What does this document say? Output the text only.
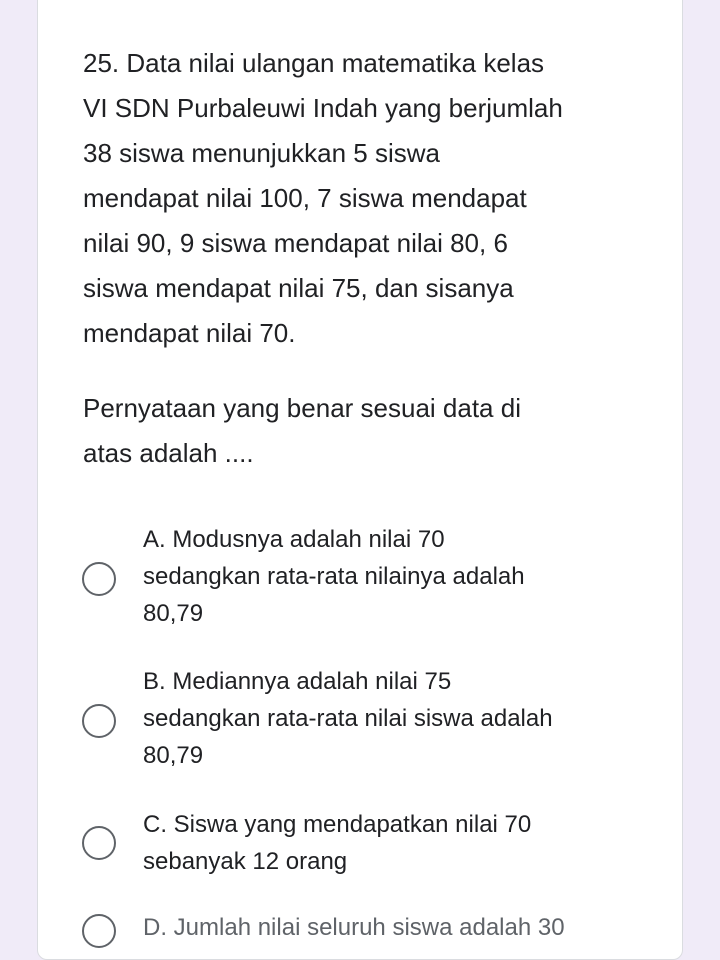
25. Data nilai ulangan matematika kelas
VI SDN Purbaleuwi Indah yang berjumlah
38 siswa menunjukkan 5 siswa
mendapat nilai 100, 7 siswa mendapat
nilai 90, 9 siswa mendapat nilai 80, 6
siswa mendapat nilai 75, dan sisanya
mendapat nilai 70.

Pernyataan yang benar sesuai data di
atas adalah ....

A. Modusnya adalah nilai 70
sedangkan rata-rata nilainya adalah
80,79
B. Mediannya adalah nilai 75
sedangkan rata-rata nilai siswa adalah
80,79
C. Siswa yang mendapatkan nilai 70
sebanyak 12 orang
D. Jumlah nilai seluruh siswa adalah 30
